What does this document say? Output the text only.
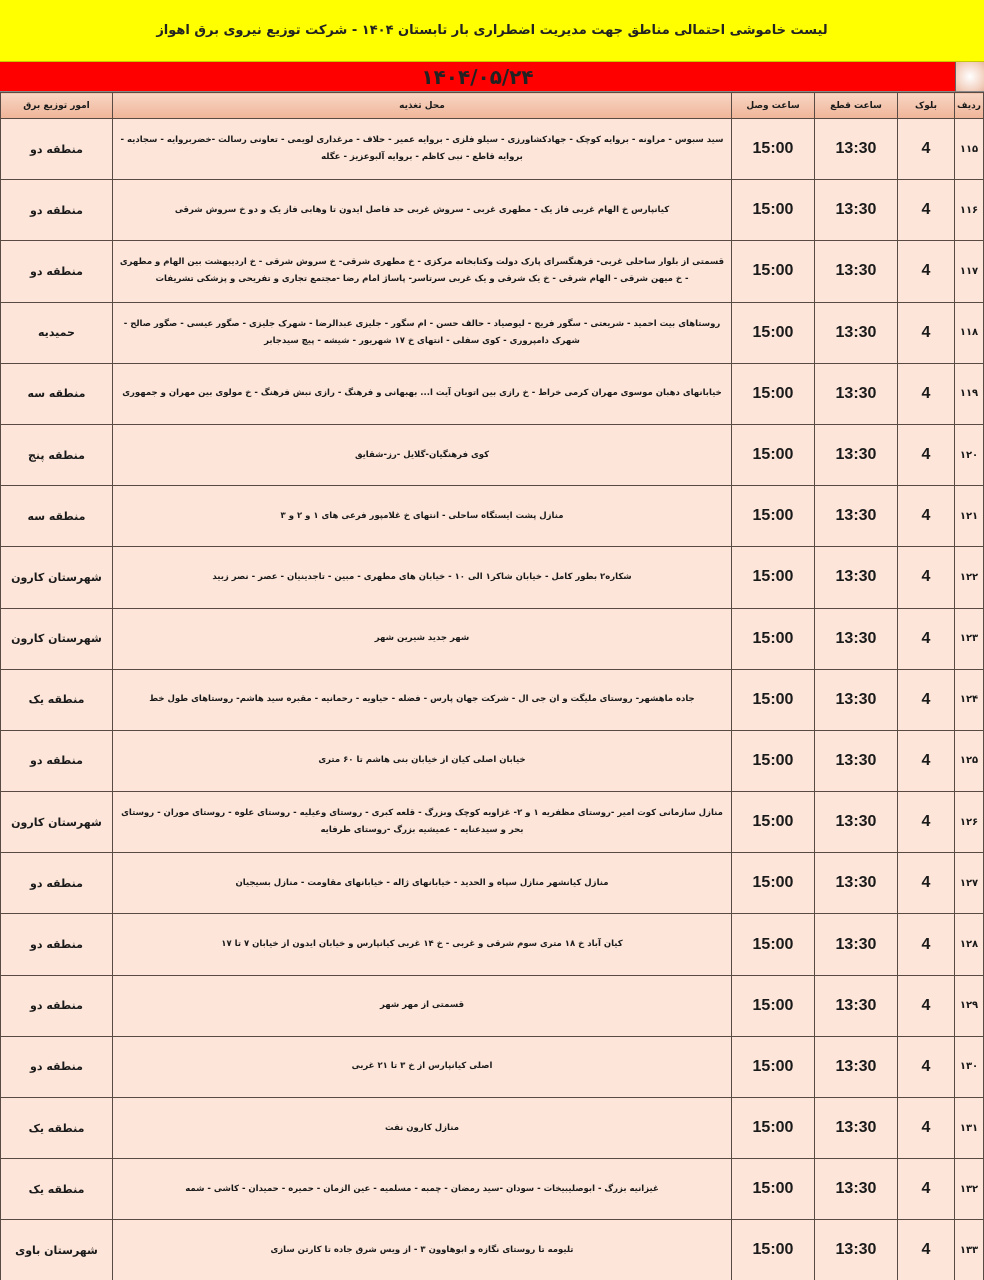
لیست خاموشی احتمالی مناطق جهت مدیریت اضطراری بار تابستان ۱۴۰۴ - شرکت توزیع نیروی برق اهواز
۱۴۰۴/۰۵/۲۴
ردیف	بلوک	ساعت قطع	ساعت وصل	محل تغذیه	امور توزیع برق
۱۱۵	4	13:30	15:00	سید سبوس - مراونه - بروایه کوچک - جهادکشاورزی - سیلو فلزی - بروایه عمیر - حلاف - مرغداری لویمی - تعاونی رسالت -خضربروایه - سجادیه - بروایه قاطع - نبی کاظم - بروایه آلبوعزیز - عگله	منطقه دو
۱۱۶	4	13:30	15:00	کیانپارس خ الهام غربی فاز یک - مطهری غربی - سروش غربی حد فاصل ایدون تا وهابی فاز یک و دو خ سروش شرقی	منطقه دو
۱۱۷	4	13:30	15:00	قسمتی از بلوار ساحلی غربی- فرهنگسرای پارک دولت وکتابخانه مرکزی - خ مطهری شرقی- خ سروش شرقی - خ اردیبهشت بین الهام و مطهری - خ میهن شرقی - الهام شرقی - خ یک شرقی و یک غربی سرتاسر- پاساژ امام رضا -مجتمع تجاری و تفریحی و پزشکی تشریفات	منطقه دو
۱۱۸	4	13:30	15:00	روستاهای بیت احمید - شریعتی - سگور فریح - لیوصیاد - حالف حسن - ام سگور - جلیزی عبدالرضا - شهرک جلیزی - صگور عیسی - صگور صالح - شهرک دامپروری - کوی سفلی - انتهای خ ۱۷ شهریور - شیشه - پیچ سیدجابر	حمیدیه
۱۱۹	4	13:30	15:00	خیابانهای دهبان موسوی مهران کرمی خراط - خ رازی بین اتوبان آیت ا... بهبهانی و فرهنگ - رازی نبش فرهنگ - خ مولوی بین مهران و جمهوری	منطقه سه
۱۲۰	4	13:30	15:00	کوی فرهنگیان-گلایل -رز-شقایق	منطقه پنج
۱۲۱	4	13:30	15:00	منازل پشت ایستگاه ساحلی - انتهای خ غلامپور فرعی های ۱ و ۲ و ۳	منطقه سه
۱۲۲	4	13:30	15:00	شکاره۲ بطور کامل - خیابان شاکر۱ الی ۱۰ - خیابان های مطهری - مبین - تاجدینیان - عصر - نصر زبید	شهرستان کارون
۱۲۳	4	13:30	15:00	شهر جدید شیرین شهر	شهرستان کارون
۱۲۴	4	13:30	15:00	جاده ماهشهر- روستای ملیگت و ان جی ال - شرکت جهان پارس - فضله - حیاویه - رحمانیه - مقبره سید هاشم- روستاهای طول خط	منطقه یک
۱۲۵	4	13:30	15:00	خیابان اصلی کیان از خیابان بنی هاشم تا ۶۰ متری	منطقه دو
۱۲۶	4	13:30	15:00	منازل سازمانی کوت امیر -روستای مظفریه ۱ و ۲- غزاویه کوچک وبزرگ - قلعه کبری - روستای وعیلیه - روستای علوه - روستای موران - روستای بحر و سیدعنایه - عمیشیه بزرگ -روستای طرفایه	شهرستان کارون
۱۲۷	4	13:30	15:00	منازل کیانشهر منازل سپاه و الحدید - خیابانهای ژاله - خیابانهای مقاومت - منازل بسیجیان	منطقه دو
۱۲۸	4	13:30	15:00	کیان آباد خ ۱۸ متری سوم شرقی و غربی - خ ۱۴ غربی کیانپارس و خیابان ایدون از خیابان ۷ تا ۱۷	منطقه دو
۱۲۹	4	13:30	15:00	قسمتی از مهر شهر	منطقه دو
۱۳۰	4	13:30	15:00	اصلی کیانپارس از خ ۳ تا ۲۱ غربی	منطقه دو
۱۳۱	4	13:30	15:00	منازل کارون نفت	منطقه یک
۱۳۲	4	13:30	15:00	غیزانیه بزرگ - ابوصلیبیخات - سودان -سید رمضان - چمبه - مسلمیه - عین الزمان - حمیره - حمیدان - کاشی - شمه	منطقه یک
۱۳۳	4	13:30	15:00	تلیومه تا روستای نگازه و ابوهاوون ۳ - از ویس شرق جاده تا کارتن سازی	شهرستان باوی
